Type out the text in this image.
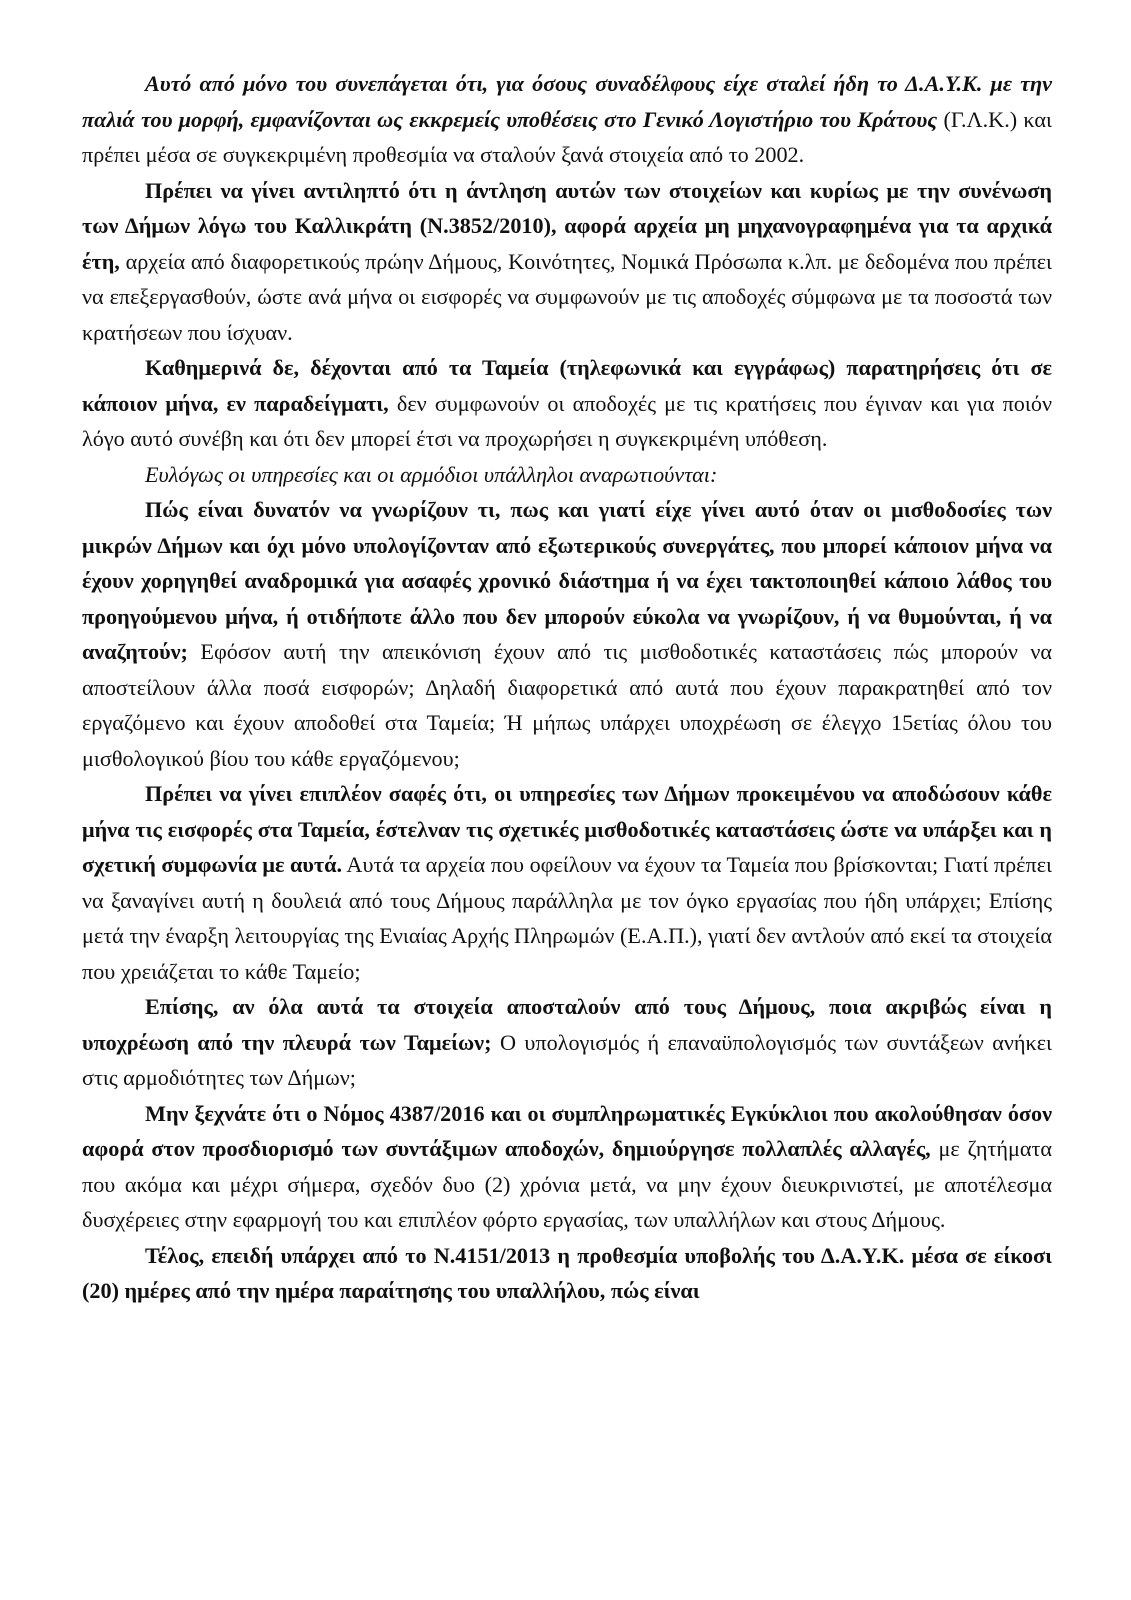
Αυτό από μόνο του συνεπάγεται ότι, για όσους συναδέλφους είχε σταλεί ήδη το Δ.Α.Υ.Κ. με την παλιά του μορφή, εμφανίζονται ως εκκρεμείς υποθέσεις στο Γενικό Λογιστήριο του Κράτους (Γ.Λ.Κ.) και πρέπει μέσα σε συγκεκριμένη προθεσμία να σταλούν ξανά στοιχεία από το 2002.

Πρέπει να γίνει αντιληπτό ότι η άντληση αυτών των στοιχείων και κυρίως με την συνένωση των Δήμων λόγω του Καλλικράτη (Ν.3852/2010), αφορά αρχεία μη μηχανογραφημένα για τα αρχικά έτη, αρχεία από διαφορετικούς πρώην Δήμους, Κοινότητες, Νομικά Πρόσωπα κ.λπ. με δεδομένα που πρέπει να επεξεργασθούν, ώστε ανά μήνα οι εισφορές να συμφωνούν με τις αποδοχές σύμφωνα με τα ποσοστά των κρατήσεων που ίσχυαν.

Καθημερινά δε, δέχονται από τα Ταμεία (τηλεφωνικά και εγγράφως) παρατηρήσεις ότι σε κάποιον μήνα, εν παραδείγματι, δεν συμφωνούν οι αποδοχές με τις κρατήσεις που έγιναν και για ποιόν λόγο αυτό συνέβη και ότι δεν μπορεί έτσι να προχωρήσει η συγκεκριμένη υπόθεση.

Ευλόγως οι υπηρεσίες και οι αρμόδιοι υπάλληλοι αναρωτιούνται:

Πώς είναι δυνατόν να γνωρίζουν τι, πως και γιατί είχε γίνει αυτό όταν οι μισθοδοσίες των μικρών Δήμων και όχι μόνο υπολογίζονταν από εξωτερικούς συνεργάτες, που μπορεί κάποιον μήνα να έχουν χορηγηθεί αναδρομικά για ασαφές χρονικό διάστημα ή να έχει τακτοποιηθεί κάποιο λάθος του προηγούμενου μήνα, ή οτιδήποτε άλλο που δεν μπορούν εύκολα να γνωρίζουν, ή να θυμούνται, ή να αναζητούν; Εφόσον αυτή την απεικόνιση έχουν από τις μισθοδοτικές καταστάσεις πώς μπορούν να αποστείλουν άλλα ποσά εισφορών; Δηλαδή διαφορετικά από αυτά που έχουν παρακρατηθεί από τον εργαζόμενο και έχουν αποδοθεί στα Ταμεία; Ή μήπως υπάρχει υποχρέωση σε έλεγχο 15ετίας όλου του μισθολογικού βίου του κάθε εργαζόμενου;

Πρέπει να γίνει επιπλέον σαφές ότι, οι υπηρεσίες των Δήμων προκειμένου να αποδώσουν κάθε μήνα τις εισφορές στα Ταμεία, έστελναν τις σχετικές μισθοδοτικές καταστάσεις ώστε να υπάρξει και η σχετική συμφωνία με αυτά. Αυτά τα αρχεία που οφείλουν να έχουν τα Ταμεία που βρίσκονται; Γιατί πρέπει να ξαναγίνει αυτή η δουλειά από τους Δήμους παράλληλα με τον όγκο εργασίας που ήδη υπάρχει; Επίσης μετά την έναρξη λειτουργίας της Ενιαίας Αρχής Πληρωμών (Ε.Α.Π.), γιατί δεν αντλούν από εκεί τα στοιχεία που χρειάζεται το κάθε Ταμείο;

Επίσης, αν όλα αυτά τα στοιχεία αποσταλούν από τους Δήμους, ποια ακριβώς είναι η υποχρέωση από την πλευρά των Ταμείων; Ο υπολογισμός ή επαναϋπολογισμός των συντάξεων ανήκει στις αρμοδιότητες των Δήμων;

Μην ξεχνάτε ότι ο Νόμος 4387/2016 και οι συμπληρωματικές Εγκύκλιοι που ακολούθησαν όσον αφορά στον προσδιορισμό των συντάξιμων αποδοχών, δημιούργησε πολλαπλές αλλαγές, με ζητήματα που ακόμα και μέχρι σήμερα, σχεδόν δυο (2) χρόνια μετά, να μην έχουν διευκρινιστεί, με αποτέλεσμα δυσχέρειες στην εφαρμογή του και επιπλέον φόρτο εργασίας, των υπαλλήλων και στους Δήμους.

Τέλος, επειδή υπάρχει από το Ν.4151/2013 η προθεσμία υποβολής του Δ.Α.Υ.Κ. μέσα σε είκοσι (20) ημέρες από την ημέρα παραίτησης του υπαλλήλου, πώς είναι
